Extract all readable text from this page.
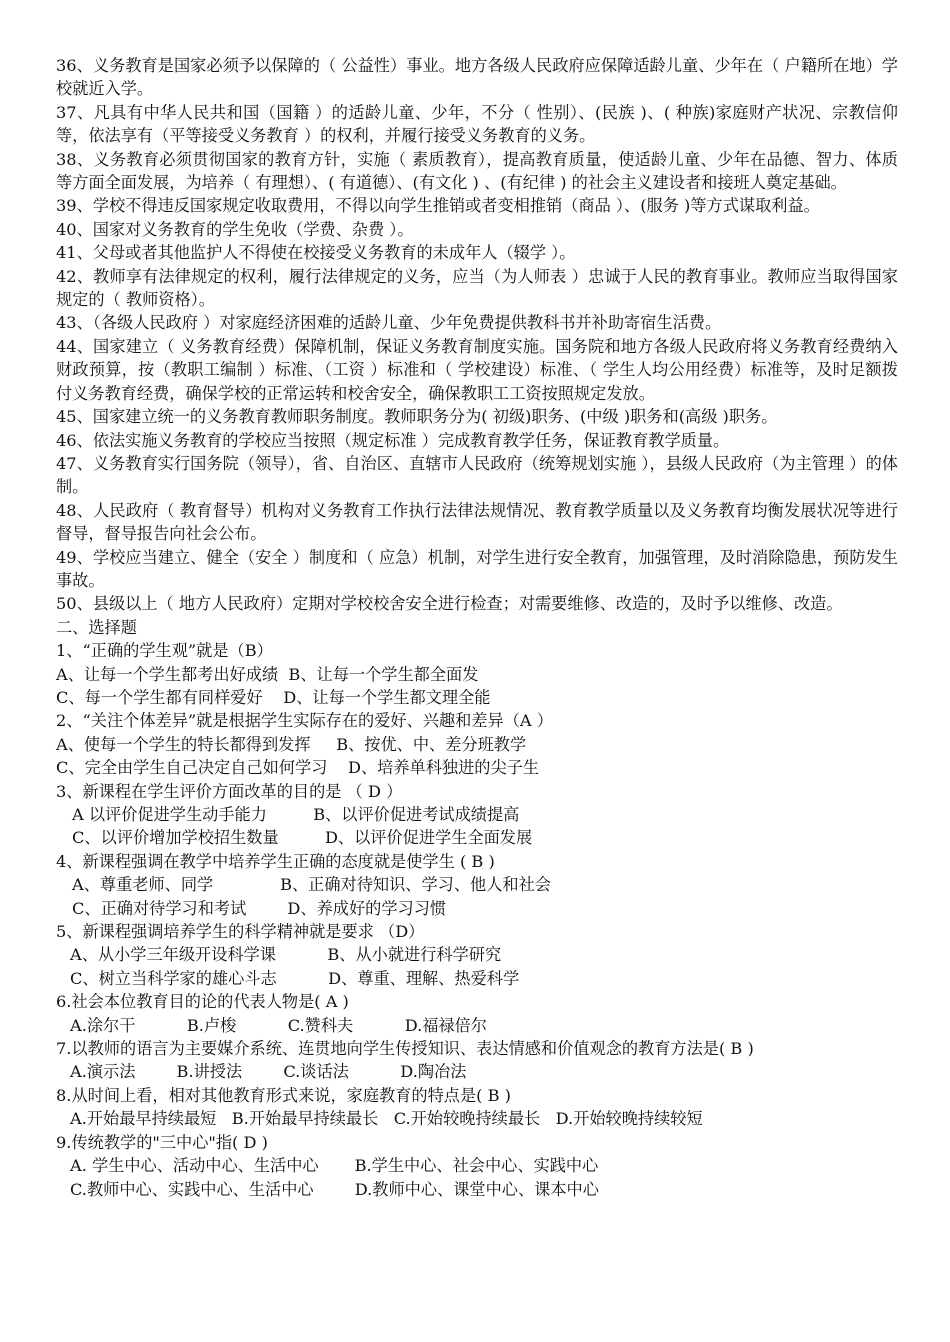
36、义务教育是国家必须予以保障的（ 公益性）事业。地方各级人民政府应保障适龄儿童、少年在（ 户籍所在地）学校就近入学。

37、凡具有中华人民共和国（国籍 ）的适龄儿童、少年，不分（ 性别）、(民族 )、( 种族)家庭财产状况、宗教信仰等，依法享有（平等接受义务教育 ）的权利，并履行接受义务教育的义务。

38、义务教育必须贯彻国家的教育方针，实施（ 素质教育），提高教育质量，使适龄儿童、少年在品德、智力、体质等方面全面发展，为培养（ 有理想）、( 有道德）、(有文化 ) 、(有纪律 ) 的社会主义建设者和接班人奠定基础。

39、学校不得违反国家规定收取费用，不得以向学生推销或者变相推销（商品 ）、(服务 )等方式谋取利益。

40、国家对义务教育的学生免收（学费、杂费 ）。

41、父母或者其他监护人不得使在校接受义务教育的未成年人（辍学 ）。

42、教师享有法律规定的权利，履行法律规定的义务，应当（为人师表 ）忠诚于人民的教育事业。教师应当取得国家规定的（ 教师资格）。

43、（各级人民政府 ）对家庭经济困难的适龄儿童、少年免费提供教科书并补助寄宿生活费。

44、国家建立（ 义务教育经费）保障机制，保证义务教育制度实施。国务院和地方各级人民政府将义务教育经费纳入财政预算，按（教职工编制 ）标准、（工资 ）标准和（ 学校建设）标准、（ 学生人均公用经费）标准等，及时足额拨付义务教育经费，确保学校的正常运转和校舍安全，确保教职工工资按照规定发放。

45、国家建立统一的义务教育教师职务制度。教师职务分为( 初级)职务、(中级 )职务和(高级 )职务。

46、依法实施义务教育的学校应当按照（规定标准 ）完成教育教学任务，保证教育教学质量。

47、义务教育实行国务院（领导），省、自治区、直辖市人民政府（统筹规划实施 ），县级人民政府（为主管理 ）的体制。

48、人民政府（ 教育督导）机构对义务教育工作执行法律法规情况、教育教学质量以及义务教育均衡发展状况等进行督导，督导报告向社会公布。

49、学校应当建立、健全（安全 ）制度和（ 应急）机制，对学生进行安全教育，加强管理，及时消除隐患，预防发生事故。

50、县级以上（ 地方人民政府）定期对学校校舍安全进行检查；对需要维修、改造的，及时予以维修、改造。

二、选择题

1、“正确的学生观”就是（B）

A、让每一个学生都考出好成绩  B、让每一个学生都全面发

C、每一个学生都有同样爱好    D、让每一个学生都文理全能

2、“关注个体差异”就是根据学生实际存在的爱好、兴趣和差异（A ）

A、使每一个学生的特长都得到发挥     B、按优、中、差分班教学

C、完全由学生自己决定自己如何学习    D、培养单科独进的尖子生

3、新课程在学生评价方面改革的目的是 （ D ）

A 以评价促进学生动手能力         B、以评价促进考试成绩提高

C、以评价增加学校招生数量         D、以评价促进学生全面发展

4、新课程强调在教学中培养学生正确的态度就是使学生 ( B )

A、尊重老师、同学             B、正确对待知识、学习、他人和社会

C、正确对待学习和考试        D、养成好的学习习惯

5、新课程强调培养学生的科学精神就是要求 （D）

A、从小学三年级开设科学课          B、从小就进行科学研究

C、树立当科学家的雄心斗志          D、尊重、理解、热爱科学

6.社会本位教育目的论的代表人物是( A )

A.涂尔干          B.卢梭          C.赞科夫          D.福禄倍尔

7.以教师的语言为主要媒介系统、连贯地向学生传授知识、表达情感和价值观念的教育方法是( B )

A.演示法        B.讲授法        C.谈话法          D.陶冶法

8.从时间上看，相对其他教育形式来说，家庭教育的特点是( B )

A.开始最早持续最短   B.开始最早持续最长   C.开始较晚持续最长   D.开始较晚持续较短

9.传统教学的"三中心"指( D )

A. 学生中心、活动中心、生活中心       B.学生中心、社会中心、实践中心

C.教师中心、实践中心、生活中心        D.教师中心、课堂中心、课本中心
